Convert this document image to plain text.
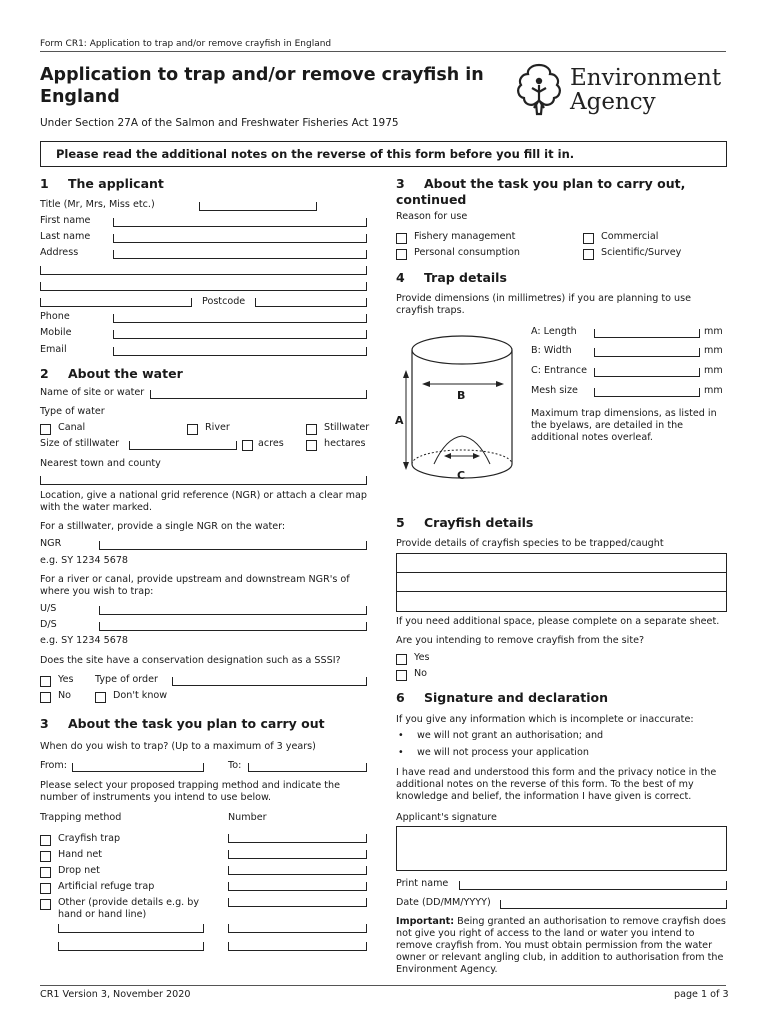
Form CR1: Application to trap and/or remove crayfish in England
Application to trap and/or remove crayfish in
England
Under Section 27A of the Salmon and Freshwater Fisheries Act 1975
Environment
Agency
Please read the additional notes on the reverse of this form before you fill it in.
1 The applicant
Title (Mr, Mrs, Miss etc.)
First name
Last name
Address
Postcode
Phone
Mobile
Email
2 About the water
Name of site or water
Type of water
Canal	River	Stillwater
Size of stillwater	acres	hectares
Nearest town and county
Location, give a national grid reference (NGR) or attach a clear map with the water marked.
For a stillwater, provide a single NGR on the water:
NGR
e.g. SY 1234 5678
For a river or canal, provide upstream and downstream NGR's of where you wish to trap:
U/S
D/S
e.g. SY 1234 5678
Does the site have a conservation designation such as a SSSI?
Yes Type of order
No	Don't know
3 About the task you plan to carry out
When do you wish to trap? (Up to a maximum of 3 years)
From:	To:
Please select your proposed trapping method and indicate the number of instruments you intend to use below.
Trapping method	Number
Crayfish trap
Hand net
Drop net
Artificial refuge trap
Other (provide details e.g. by hand or hand line)
3 About the task you plan to carry out,
continued
Reason for use
Fishery management	Commercial
Personal consumption	Scientific/Survey
4 Trap details
Provide dimensions (in millimetres) if you are planning to use crayfish traps.
A
B
C
A: Length	mm
B: Width	mm
C: Entrance	mm
Mesh size	mm
Maximum trap dimensions, as listed in the byelaws, are detailed in the additional notes overleaf.
5 Crayfish details
Provide details of crayfish species to be trapped/caught
If you need additional space, please complete on a separate sheet.
Are you intending to remove crayfish from the site?
Yes
No
6 Signature and declaration
If you give any information which is incomplete or inaccurate:
• we will not grant an authorisation; and
• we will not process your application
I have read and understood this form and the privacy notice in the additional notes on the reverse of this form. To the best of my knowledge and belief, the information I have given is correct.
Applicant's signature
Print name
Date (DD/MM/YYYY)
Important: Being granted an authorisation to remove crayfish does not give you right of access to the land or water you intend to remove crayfish from. You must obtain permission from the water owner or relevant angling club, in addition to authorisation from the Environment Agency.
CR1 Version 3, November 2020	page 1 of 3
